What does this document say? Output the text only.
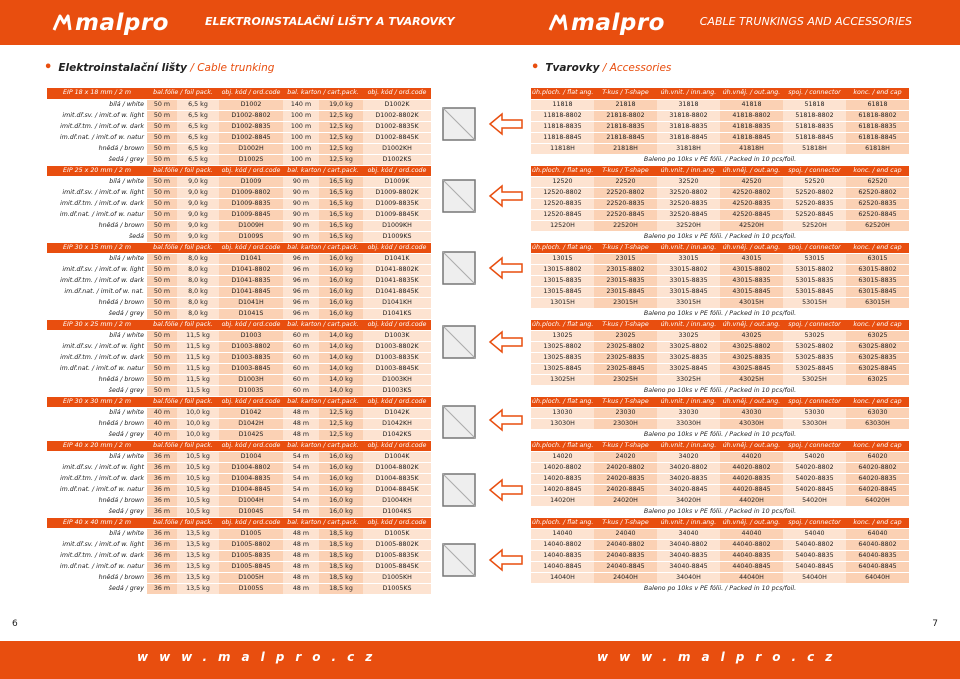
malpro	ELEKTROINSTALAČNÍ LIŠTY A TVAROVKY
• Elektroinstalační lišty / Cable trunking
EIP 18 x 18 mm / 2 m	bal.fólie / foil pack.		obj. kód / ord.code	bal. karton / cart.pack.		obj. kód / ord.code
bílá / white	50 m	6,5 kg	D1002	140 m	19,0 kg	D1002K
imit.dř.sv. / imit.of w. light	50 m	6,5 kg	D1002-8802	100 m	12,5 kg	D1002-8802K
imit.dř.tm. / imit.of w. dark	50 m	6,5 kg	D1002-8835	100 m	12,5 kg	D1002-8835K
im.dř.nat. / imit.of w. natur	50 m	6,5 kg	D1002-8845	100 m	12,5 kg	D1002-8845K
hnědá / brown	50 m	6,5 kg	D1002H	100 m	12,5 kg	D1002KH
šedá / grey	50 m	6,5 kg	D1002S	100 m	12,5 kg	D1002KS
EIP 25 x 20 mm / 2 m	bal.fólie / foil pack.		obj. kód / ord.code	bal. karton / cart.pack.		obj. kód / ord.code
bílá / white	50 m	9,0 kg	D1009	90 m	16,5 kg	D1009K
imit.dř.sv. / imit.of w. light	50 m	9,0 kg	D1009-8802	90 m	16,5 kg	D1009-8802K
imit.dř.tm. / imit.of w. dark	50 m	9,0 kg	D1009-8835	90 m	16,5 kg	D1009-8835K
im.dř.nat. / imit.of w. natur	50 m	9,0 kg	D1009-8845	90 m	16,5 kg	D1009-8845K
hnědá / brown	50 m	9,0 kg	D1009H	90 m	16,5 kg	D1009KH
šedá	50 m	9,0 kg	D1009S	90 m	16,5 kg	D1009KS
EIP 30 x 15 mm / 2 m	bal.fólie / foil pack.		obj. kód / ord.code	bal. karton / cart.pack.		obj. kód / ord.code
bílá / white	50 m	8,0 kg	D1041	96 m	16,0 kg	D1041K
imit.dř.sv. / imit.of w. light	50 m	8,0 kg	D1041-8802	96 m	16,0 kg	D1041-8802K
imit.dř.tm. / imit.of w. dark	50 m	8,0 kg	D1041-8835	96 m	16,0 kg	D1041-8835K
im.dř.nat. / imit.of w. nat.	50 m	8,0 kg	D1041-8845	96 m	16,0 kg	D1041-8845K
hnědá / brown	50 m	8,0 kg	D1041H	96 m	16,0 kg	D1041KH
šedá / grey	50 m	8,0 kg	D1041S	96 m	16,0 kg	D1041KS
EIP 30 x 25 mm / 2 m	bal.fólie / foil pack.		obj. kód / ord.code	bal. karton / cart.pack.		obj. kód / ord.code
bílá / white	50 m	11,5 kg	D1003	60 m	14,0 kg	D1003K
imit.dř.sv. / imit.of w. light	50 m	11,5 kg	D1003-8802	60 m	14,0 kg	D1003-8802K
imit.dř.tm. / imit.of w. dark	50 m	11,5 kg	D1003-8835	60 m	14,0 kg	D1003-8835K
im.dř.nat. / imit.of w. natur	50 m	11,5 kg	D1003-8845	60 m	14,0 kg	D1003-8845K
hnědá / brown	50 m	11,5 kg	D1003H	60 m	14,0 kg	D1003KH
šedá / grey	50 m	11,5 kg	D1003S	60 m	14,0 kg	D1003KS
EIP 30 x 30 mm / 2 m	bal.fólie / foil pack.		obj. kód / ord.code	bal. karton / cart.pack.		obj. kód / ord.code
bílá / white	40 m	10,0 kg	D1042	48 m	12,5 kg	D1042K
hnědá / brown	40 m	10,0 kg	D1042H	48 m	12,5 kg	D1042KH
šedá / grey	40 m	10,0 kg	D1042S	48 m	12,5 kg	D1042KS
EIP 40 x 20 mm / 2 m	bal.fólie / foil pack.		obj. kód / ord.code	bal. karton / cart.pack.		obj. kód / ord.code
bílá / white	36 m	10,5 kg	D1004	54 m	16,0 kg	D1004K
imit.dř.sv. / imit.of w. light	36 m	10,5 kg	D1004-8802	54 m	16,0 kg	D1004-8802K
imit.dř.tm. / imit.of w. dark	36 m	10,5 kg	D1004-8835	54 m	16,0 kg	D1004-8835K
im.dř.nat. / imit.of w. natur	36 m	10,5 kg	D1004-8845	54 m	16,0 kg	D1004-8845K
hnědá / brown	36 m	10,5 kg	D1004H	54 m	16,0 kg	D1004KH
šedá / grey	36 m	10,5 kg	D1004S	54 m	16,0 kg	D1004KS
EIP 40 x 40 mm / 2 m	bal.fólie / foil pack.		obj. kód / ord.code	bal. karton / cart.pack.		obj. kód / ord.code
bílá / white	36 m	13,5 kg	D1005	48 m	18,5 kg	D1005K
imit.dř.sv. / imit.of w. light	36 m	13,5 kg	D1005-8802	48 m	18,5 kg	D1005-8802K
imit.dř.tm. / imit.of w. dark	36 m	13,5 kg	D1005-8835	48 m	18,5 kg	D1005-8835K
im.dř.nat. / imit.of w. natur	36 m	13,5 kg	D1005-8845	48 m	18,5 kg	D1005-8845K
hnědá / brown	36 m	13,5 kg	D1005H	48 m	18,5 kg	D1005KH
šedá / grey	36 m	13,5 kg	D1005S	48 m	18,5 kg	D1005KS
6
www.malpro.cz
malpro	CABLE TRUNKINGS AND ACCESSORIES
• Tvarovky / Accessories
7
www.malpro.cz
úh.ploch. / flat ang.	T-kus / T-shape	úh.vnit. / inn.ang.	úh.vněj. / out.ang.	spoj. / connector	konc. / end cap
11818	21818	31818	41818	51818	61818
11818-8802	21818-8802	31818-8802	41818-8802	51818-8802	61818-8802
11818-8835	21818-8835	31818-8835	41818-8835	51818-8835	61818-8835
11818-8845	21818-8845	31818-8845	41818-8845	51818-8845	61818-8845
11818H	21818H	31818H	41818H	51818H	61818H
Baleno po 10ks v PE fólii. / Packed in 10 pcs/foil.					
úh.ploch. / flat ang.	T-kus / T-shape	úh.vnit. / inn.ang.	úh.vněj. / out.ang.	spoj. / connector	konc. / end cap
12520	22520	32520	42520	52520	62520
12520-8802	22520-8802	32520-8802	42520-8802	52520-8802	62520-8802
12520-8835	22520-8835	32520-8835	42520-8835	52520-8835	62520-8835
12520-8845	22520-8845	32520-8845	42520-8845	52520-8845	62520-8845
12520H	22520H	32520H	42520H	52520H	62520H
Baleno po 10ks v PE fólii. / Packed in 10 pcs/foil.					
úh.ploch. / flat ang.	T-kus / T-shape	úh.vnit. / inn.ang.	úh.vněj. / out.ang.	spoj. / connector	konc. / end cap
13015	23015	33015	43015	53015	63015
13015-8802	23015-8802	33015-8802	43015-8802	53015-8802	63015-8802
13015-8835	23015-8835	33015-8835	43015-8835	53015-8835	63015-8835
13015-8845	23015-8845	33015-8845	43015-8845	53015-8845	63015-8845
13015H	23015H	33015H	43015H	53015H	63015H
Baleno po 10ks v PE fólii. / Packed in 10 pcs/foil.					
úh.ploch. / flat ang.	T-kus / T-shape	úh.vnit. / inn.ang.	úh.vněj. / out.ang.	spoj. / connector	konc. / end cap
13025	23025	33025	43025	53025	63025
13025-8802	23025-8802	33025-8802	43025-8802	53025-8802	63025-8802
13025-8835	23025-8835	33025-8835	43025-8835	53025-8835	63025-8835
13025-8845	23025-8845	33025-8845	43025-8845	53025-8845	63025-8845
13025H	23025H	33025H	43025H	53025H	63025
Baleno po 10ks v PE fólii. / Packed in 10 pcs/foil.					
úh.ploch. / flat ang.	T-kus / T-shape	úh.vnit. / inn.ang.	úh.vněj. / out.ang.	spoj. / connector	konc. / end cap
13030	23030	33030	43030	53030	63030
13030H	23030H	33030H	43030H	53030H	63030H
Baleno po 10ks v PE fólii. / Packed in 10 pcs/foil.					
úh.ploch. / flat ang.	T-kus / T-shape	úh.vnit. / inn.ang.	úh.vněj. / out.ang.	spoj. / connector	konc. / end cap
14020	24020	34020	44020	54020	64020
14020-8802	24020-8802	34020-8802	44020-8802	54020-8802	64020-8802
14020-8835	24020-8835	34020-8835	44020-8835	54020-8835	64020-8835
14020-8845	24020-8845	34020-8845	44020-8845	54020-8845	64020-8845
14020H	24020H	34020H	44020H	54020H	64020H
Baleno po 10ks v PE fólii. / Packed in 10 pcs/foil.					
úh.ploch. / flat ang.	T-kus / T-shape	úh.vnit. / inn.ang.	úh.vněj. / out.ang.	spoj. / connector	konc. / end cap
14040	24040	34040	44040	54040	64040
14040-8802	24040-8802	34040-8802	44040-8802	54040-8802	64040-8802
14040-8835	24040-8835	34040-8835	44040-8835	54040-8835	64040-8835
14040-8845	24040-8845	34040-8845	44040-8845	54040-8845	64040-8845
14040H	24040H	34040H	44040H	54040H	64040H
Baleno po 10ks v PE fólii. / Packed in 10 pcs/foil.					
